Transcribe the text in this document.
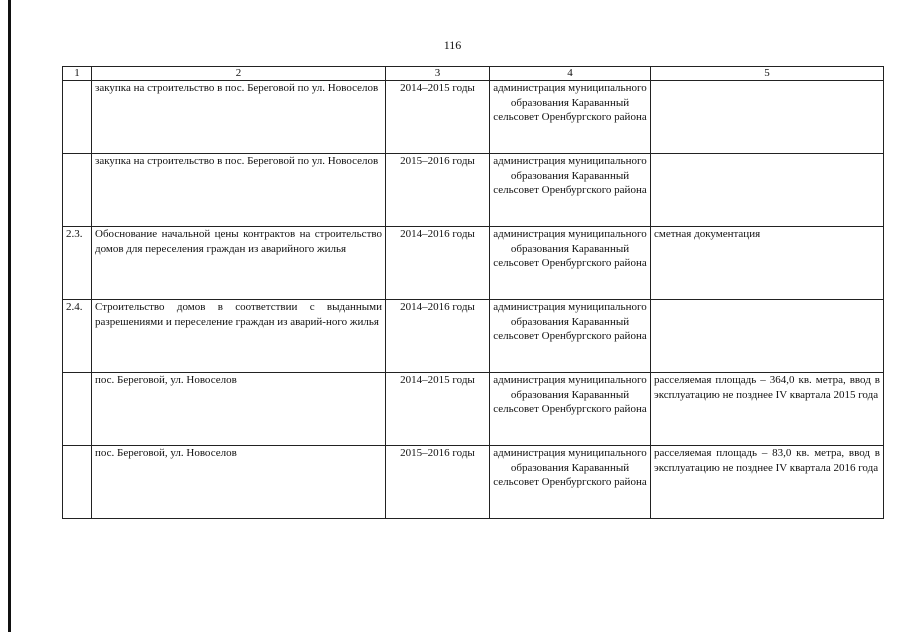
116
1	2	3	4	5
	закупка на строительство в пос. Береговой по ул. Новоселов	2014–2015 годы	администрация муниципального образования Караванный сельсовет Оренбургского района	
	закупка на строительство в пос. Береговой по ул. Новоселов	2015–2016 годы	администрация муниципального образования Караванный сельсовет Оренбургского района	
2.3.	Обоснование начальной цены контрактов на строительство домов для переселения граждан из аварийного жилья	2014–2016 годы	администрация муниципального образования Караванный сельсовет Оренбургского района	сметная документация
2.4.	Строительство домов в соответствии с выданными разрешениями и переселение граждан из аварий-ного жилья	2014–2016 годы	администрация муниципального образования Караванный сельсовет Оренбургского района	
	пос. Береговой, ул. Новоселов	2014–2015 годы	администрация муниципального образования Караванный сельсовет Оренбургского района	расселяемая площадь – 364,0 кв. метра, ввод в эксплуатацию не позднее IV квартала 2015 года
	пос. Береговой, ул. Новоселов	2015–2016 годы	администрация муниципального образования Караванный сельсовет Оренбургского района	расселяемая площадь – 83,0 кв. метра, ввод в эксплуатацию не позднее IV квартала 2016 года
